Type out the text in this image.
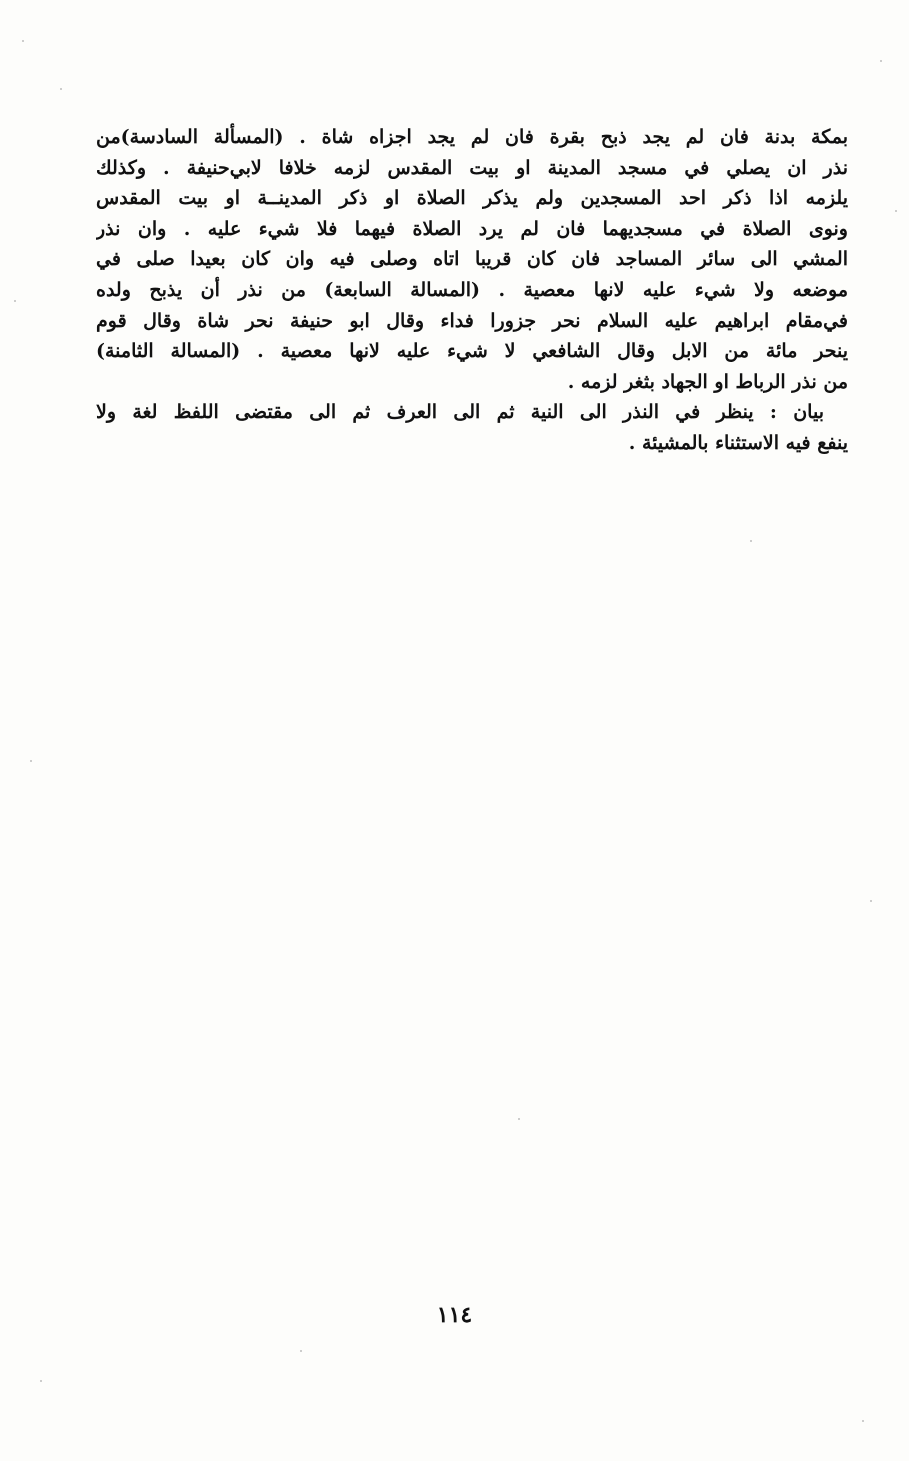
بمكة بدنة فان لم يجد ذبح بقرة فان لم يجد اجزاه شاة . (المسألة السادسة)من
نذر ان يصلي في مسجد المدينة او بيت المقدس لزمه خلافا لابي‌حنيفة . وكذلك
يلزمه اذا ذكر احد المسجدين ولم يذكر الصلاة او ذكر المدينــة او بيت المقدس
ونوى الصلاة في مسجديهما فان لم يرد الصلاة فيهما فلا شيء عليه . وان نذر
المشي الى سائر المساجد فان كان قريبا اتاه وصلى فيه وان كان بعيدا صلى في
موضعه ولا شيء عليه لانها معصية . (المسالة السابعة) من نذر أن يذبح ولده
في‌مقام ابراهيم عليه السلام نحر جزورا فداء وقال ابو حنيفة نحر شاة وقال قوم
ينحر مائة من الابل وقال الشافعي لا شيء عليه لانها معصية . (المسالة الثامنة)
من نذر الرباط او الجهاد بثغر لزمه .
بيان : ينظر في النذر الى النية ثم الى العرف ثم الى مقتضى اللفظ لغة ولا
ينفع فيه الاستثناء بالمشيئة .
١١٤
